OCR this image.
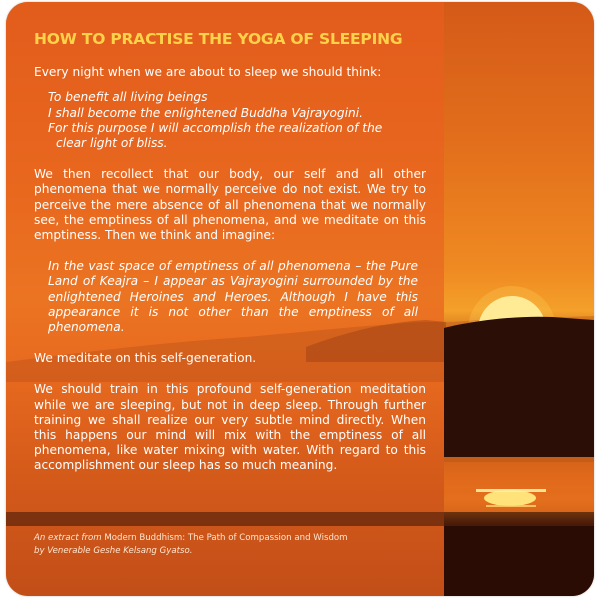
HOW TO PRACTISE THE YOGA OF SLEEPING

Every night when we are about to sleep we should think:

To benefit all living beings
I shall become the enlightened Buddha Vajrayogini.
For this purpose I will accomplish the realization of the
clear light of bliss.

We then recollect that our body, our self and all other phenomena that we normally perceive do not exist. We try to perceive the mere absence of all phenomena that we normally see, the emptiness of all phenomena, and we meditate on this emptiness. Then we think and imagine:

In the vast space of emptiness of all phenomena – the Pure Land of Keajra – I appear as Vajrayogini surrounded by the enlightened Heroines and Heroes. Although I have this appearance it is not other than the emptiness of all phenomena.

We meditate on this self-generation.

We should train in this profound self-generation meditation while we are sleeping, but not in deep sleep. Through further training we shall realize our very subtle mind directly. When this happens our mind will mix with the emptiness of all phenomena, like water mixing with water. With regard to this accomplishment our sleep has so much meaning.

An extract from Modern Buddhism: The Path of Compassion and Wisdom
by Venerable Geshe Kelsang Gyatso.
